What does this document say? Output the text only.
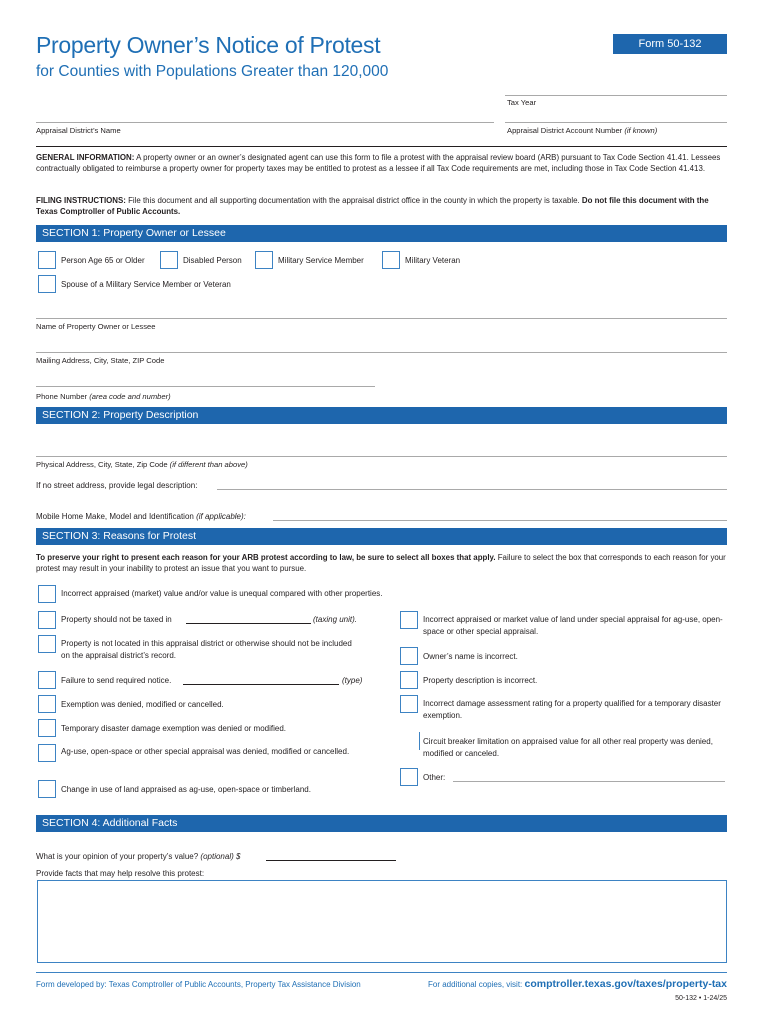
Property Owner’s Notice of Protest
for Counties with Populations Greater than 120,000
Form 50-132
Tax Year
Appraisal District’s Name	Appraisal District Account Number (if known)
GENERAL INFORMATION: A property owner or an owner’s designated agent can use this form to file a protest with the appraisal review board (ARB) pursuant to Tax Code Section 41.41. Lessees contractually obligated to reimburse a property owner for property taxes may be entitled to protest as a lessee if all Tax Code requirements are met, including those in Tax Code Section 41.413.
FILING INSTRUCTIONS: File this document and all supporting documentation with the appraisal district office in the county in which the property is taxable. Do not file this document with the Texas Comptroller of Public Accounts.
SECTION 1: Property Owner or Lessee
Person Age 65 or Older	Disabled Person	Military Service Member	Military Veteran
Spouse of a Military Service Member or Veteran
Name of Property Owner or Lessee
Mailing Address, City, State, ZIP Code
Phone Number (area code and number)
SECTION 2: Property Description
Physical Address, City, State, Zip Code (if different than above)
If no street address, provide legal description:
Mobile Home Make, Model and Identification (if applicable):
SECTION 3: Reasons for Protest
To preserve your right to present each reason for your ARB protest according to law, be sure to select all boxes that apply. Failure to select the box that corresponds to each reason for your protest may result in your inability to protest an issue that you want to pursue.
Incorrect appraised (market) value and/or value is unequal compared with other properties.
Property should not be taxed in	(taxing unit).
Property is not located in this appraisal district or otherwise should not be included on the appraisal district’s record.
Failure to send required notice.	(type)
Exemption was denied, modified or cancelled.
Temporary disaster damage exemption was denied or modified.
Ag-use, open-space or other special appraisal was denied, modified or cancelled.
Change in use of land appraised as ag-use, open-space or timberland.
Incorrect appraised or market value of land under special appraisal for ag-use, open-space or other special appraisal.
Owner’s name is incorrect.
Property description is incorrect.
Incorrect damage assessment rating for a property qualified for a temporary disaster exemption.
Circuit breaker limitation on appraised value for all other real property was denied, modified or canceled.
Other:
SECTION 4: Additional Facts
What is your opinion of your property’s value? (optional) $
Provide facts that may help resolve this protest:
Form developed by: Texas Comptroller of Public Accounts, Property Tax Assistance Division	For additional copies, visit: comptroller.texas.gov/taxes/property-tax
50-132 • 1-24/25
